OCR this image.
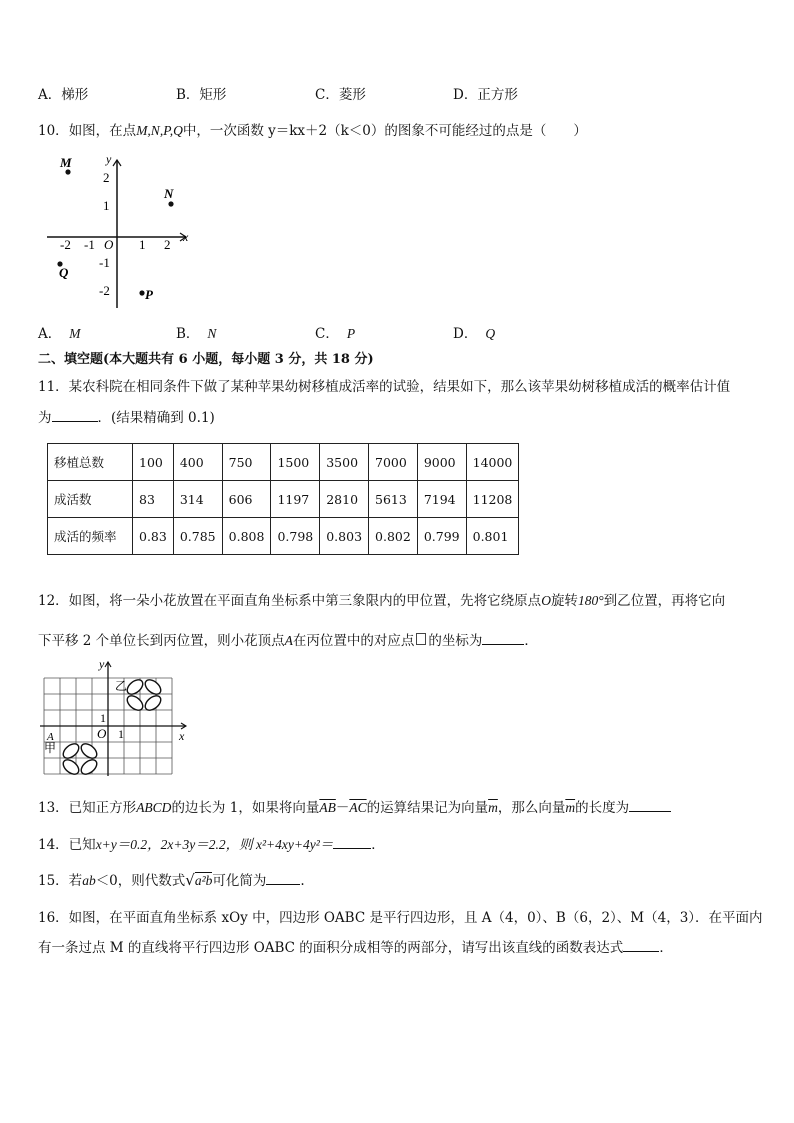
A．梯形	B．矩形	C．菱形	D．正方形
10．如图，在点M,N,P,Q中，一次函数 y＝kx＋2（k＜0）的图象不可能经过的点是（　　）
y
x
O
-2 -1	1 2
2
1
-1
-2
M
N
Q
P
A． M	B． N	C． P	D． Q
二、填空题(本大题共有 6 小题，每小题 3 分，共 18 分)
11．某农科院在相同条件下做了某种苹果幼树移植成活率的试验，结果如下，那么该苹果幼树移植成活的概率估计值
为	．(结果精确到 0.1)
移植总数	100	400	750	1500	3500	7000	9000	14000
成活数	83	314	606	1197	2810	5613	7194	11208
成活的频率	0.83	0.785	0.808	0.798	0.803	0.802	0.799	0.801
12．如图，将一朵小花放置在平面直角坐标系中第三象限内的甲位置，先将它绕原点O旋转180°到乙位置，再将它向
下平移 2 个单位长到丙位置，则小花顶点A在丙位置中的对应点 的坐标为	．
y
x
O
1
1
乙
甲
A
13．已知正方形ABCD的边长为 1，如果将向量$\overline{AB}-\overline{AC}$的运算结果记为向量$\overline{m}$，那么向量$\overline{m}$的长度为
14．已知x+y＝0.2，2x+3y＝2.2，则 x²+4xy+4y²＝	．
15．若ab＜0，则代数式√a²b可化简为	.
16．如图，在平面直角坐标系 xOy 中，四边形 OABC 是平行四边形，且 A（4，0）、B（6，2）、M（4，3）．在平面内
有一条过点 M 的直线将平行四边形 OABC 的面积分成相等的两部分，请写出该直线的函数表达式	．
